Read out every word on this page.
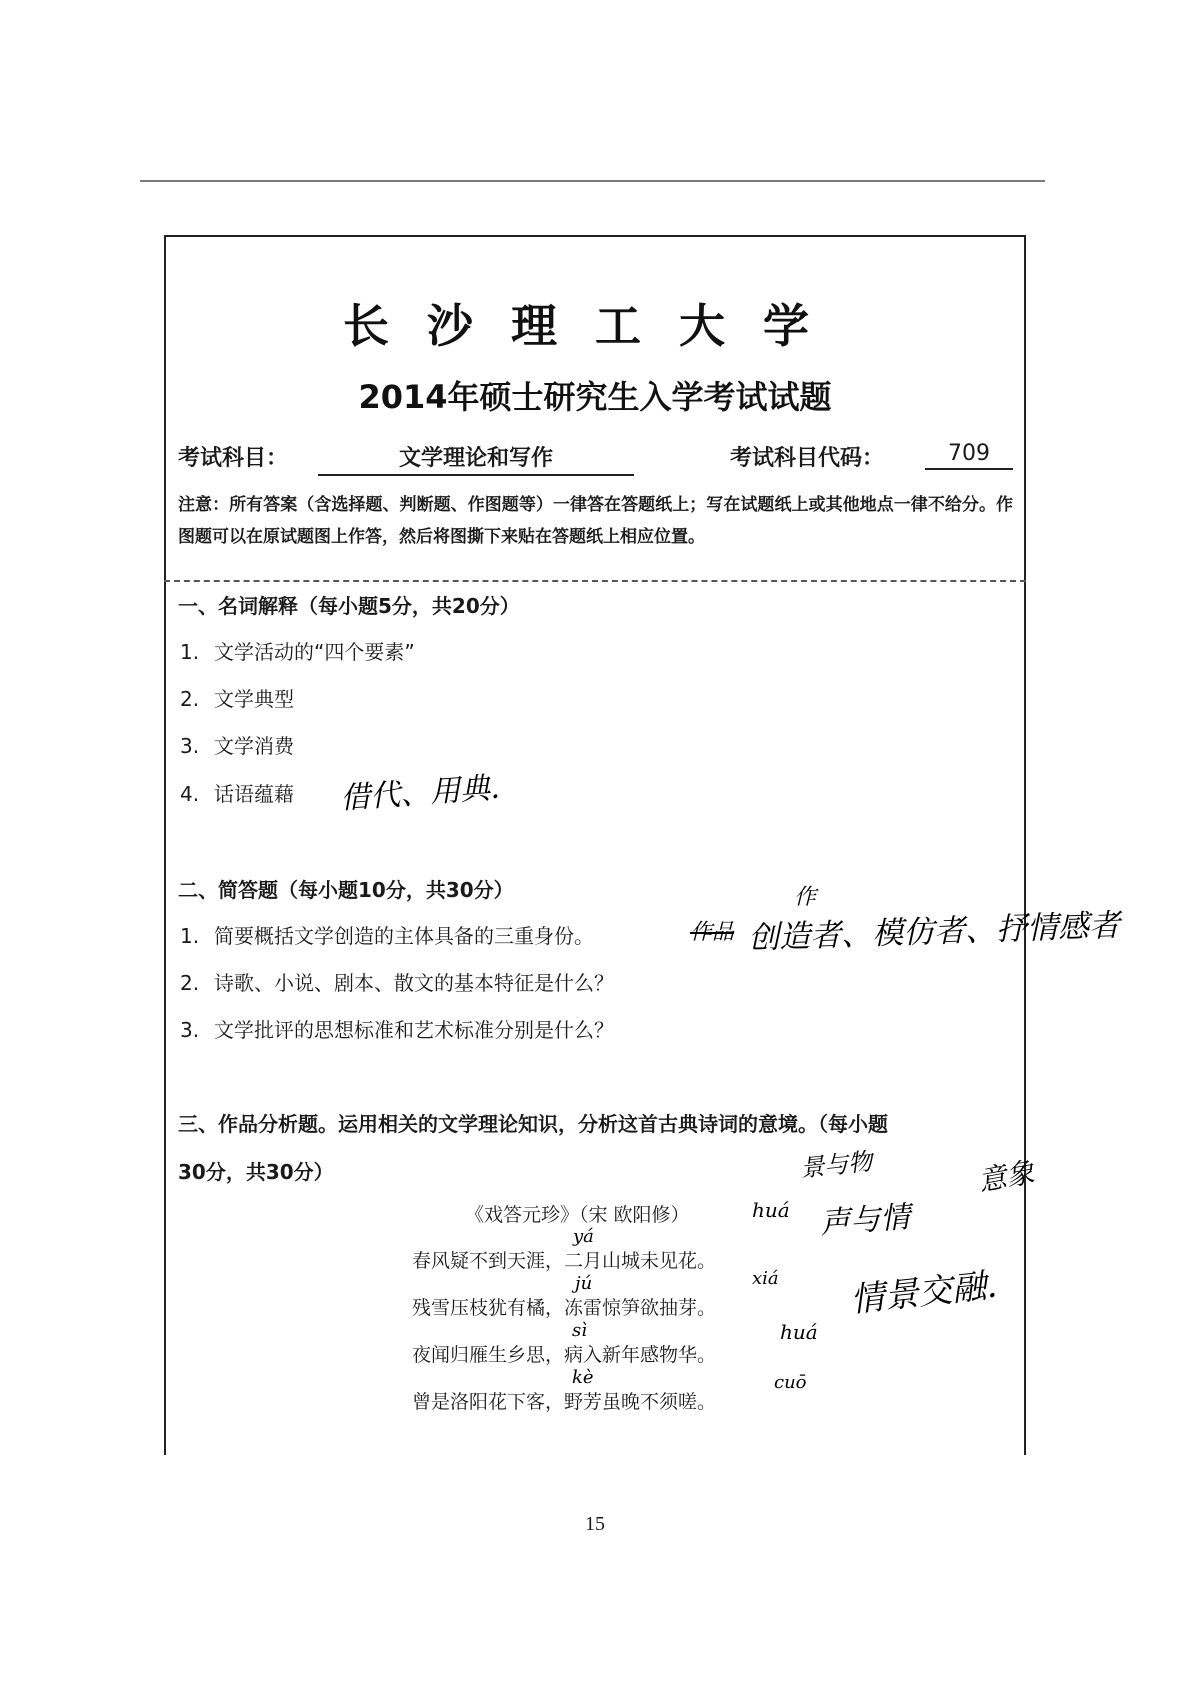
长沙理工大学
2014年硕士研究生入学考试试题
考试科目：	文学理论和写作	考试科目代码：	709
注意：所有答案（含选择题、判断题、作图题等）一律答在答题纸上；写在试题纸上或其他地点一律不给分。作图题可以在原试题图上作答，然后将图撕下来贴在答题纸上相应位置。
一、名词解释（每小题5分，共20分）
1. 文学活动的“四个要素”
2. 文学典型
3. 文学消费
4. 话语蕴藉 借代、用典.
二、简答题（每小题10分，共30分）
1. 简要概括文学创造的主体具备的三重身份。	作品
作
创造者、模仿者、抒情感者
2. 诗歌、小说、剧本、散文的基本特征是什么？
3. 文学批评的思想标准和艺术标准分别是什么？
三、作品分析题。运用相关的文学理论知识，分析这首古典诗词的意境。（每小题
30分，共30分）	景与物
声与情
情景交融.
意象
《戏答元珍》（宋 欧阳修）
春风疑不到天涯，二月山城未见花。
残雪压枝犹有橘，冻雷惊笋欲抽芽。
夜闻归雁生乡思，病入新年感物华。
曾是洛阳花下客，野芳虽晚不须嗟。
huá
yá
jú	xiá
sì	huá
kè	cuō
15
